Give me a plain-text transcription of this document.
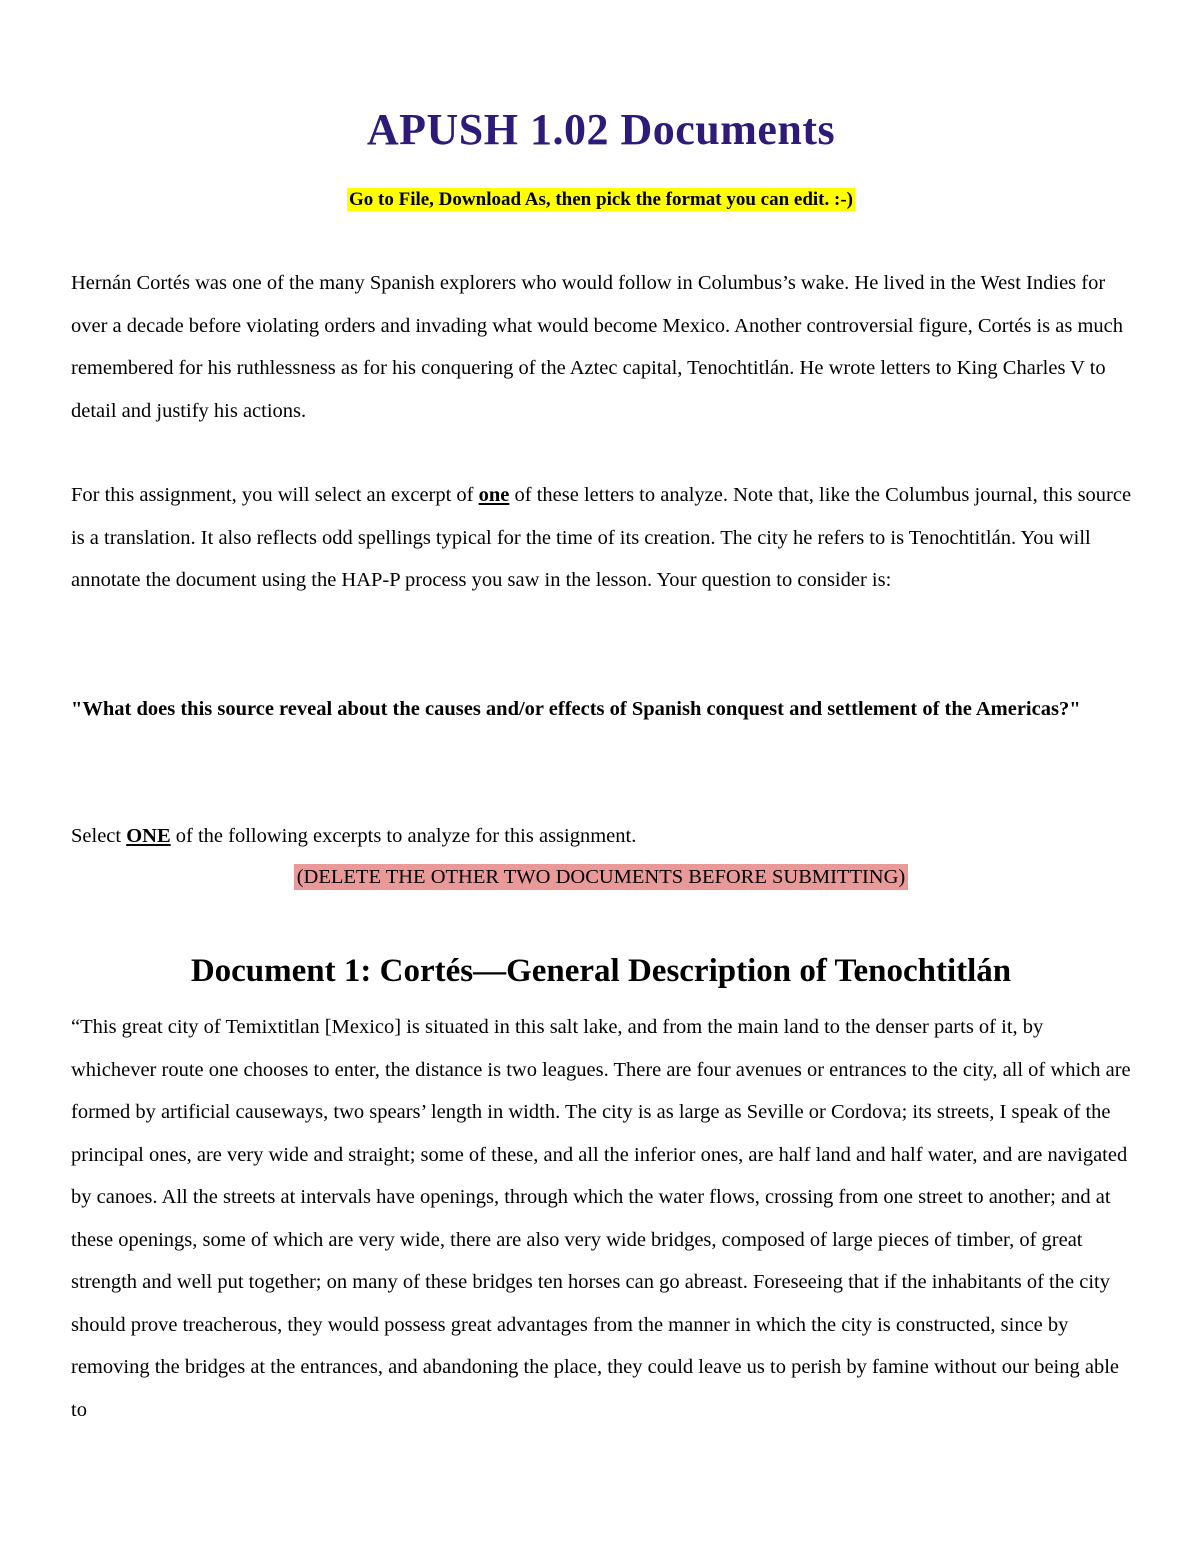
APUSH 1.02 Documents
Go to File, Download As, then pick the format you can edit. :-)

Hernán Cortés was one of the many Spanish explorers who would follow in Columbus’s wake. He lived in the West Indies for over a decade before violating orders and invading what would become Mexico. Another controversial figure, Cortés is as much remembered for his ruthlessness as for his conquering of the Aztec capital, Tenochtitlán. He wrote letters to King Charles V to detail and justify his actions.

For this assignment, you will select an excerpt of one of these letters to analyze. Note that, like the Columbus journal, this source is a translation. It also reflects odd spellings typical for the time of its creation. The city he refers to is Tenochtitlán. You will annotate the document using the HAP-P process you saw in the lesson. Your question to consider is:

"What does this source reveal about the causes and/or effects of Spanish conquest and settlement of the Americas?"

Select ONE of the following excerpts to analyze for this assignment.

(DELETE THE OTHER TWO DOCUMENTS BEFORE SUBMITTING)
Document 1: Cortés—General Description of Tenochtitlán

“This great city of Temixtitlan [Mexico] is situated in this salt lake, and from the main land to the denser parts of it, by whichever route one chooses to enter, the distance is two leagues. There are four avenues or entrances to the city, all of which are formed by artificial causeways, two spears’ length in width. The city is as large as Seville or Cordova; its streets, I speak of the principal ones, are very wide and straight; some of these, and all the inferior ones, are half land and half water, and are navigated by canoes. All the streets at intervals have openings, through which the water flows, crossing from one street to another; and at these openings, some of which are very wide, there are also very wide bridges, composed of large pieces of timber, of great strength and well put together; on many of these bridges ten horses can go abreast. Foreseeing that if the inhabitants of the city should prove treacherous, they would possess great advantages from the manner in which the city is constructed, since by removing the bridges at the entrances, and abandoning the place, they could leave us to perish by famine without our being able to
